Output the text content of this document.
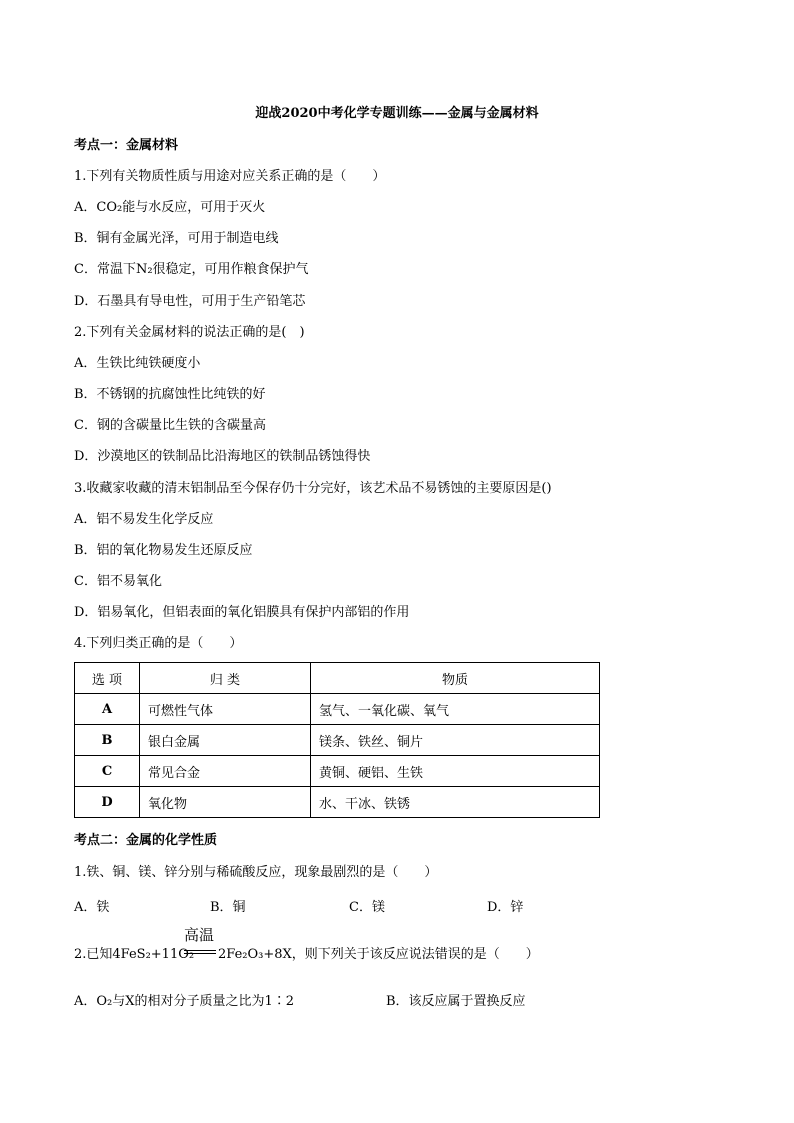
迎战2020中考化学专题训练——金属与金属材料
考点一：金属材料
1.下列有关物质性质与用途对应关系正确的是（　　）
A．CO₂能与水反应，可用于灭火
B．铜有金属光泽，可用于制造电线
C．常温下N₂很稳定，可用作粮食保护气
D．石墨具有导电性，可用于生产铅笔芯
2.下列有关金属材料的说法正确的是(　)
A．生铁比纯铁硬度小
B．不锈钢的抗腐蚀性比纯铁的好
C．钢的含碳量比生铁的含碳量高
D．沙漠地区的铁制品比沿海地区的铁制品锈蚀得快
3.收藏家收藏的清末铝制品至今保存仍十分完好，该艺术品不易锈蚀的主要原因是()
A．铝不易发生化学反应
B．铝的氧化物易发生还原反应
C．铝不易氧化
D．铝易氧化，但铝表面的氧化铝膜具有保护内部铝的作用
4.下列归类正确的是（　　）
选 项	归 类	物质
A	可燃性气体	氢气、一氧化碳、氧气
B	银白金属	镁条、铁丝、铜片
C	常见合金	黄铜、硬铝、生铁
D	氧化物	水、干冰、铁锈
考点二：金属的化学性质
1.铁、铜、镁、锌分别与稀硫酸反应，现象最剧烈的是（　　）
A．铁	B．铜	C．镁	D．锌
2.已知4FeS₂+11O₂
高温
2Fe₂O₃+8X，则下列关于该反应说法错误的是（　　）
A．O₂与X的相对分子质量之比为1∶2	B．该反应属于置换反应
